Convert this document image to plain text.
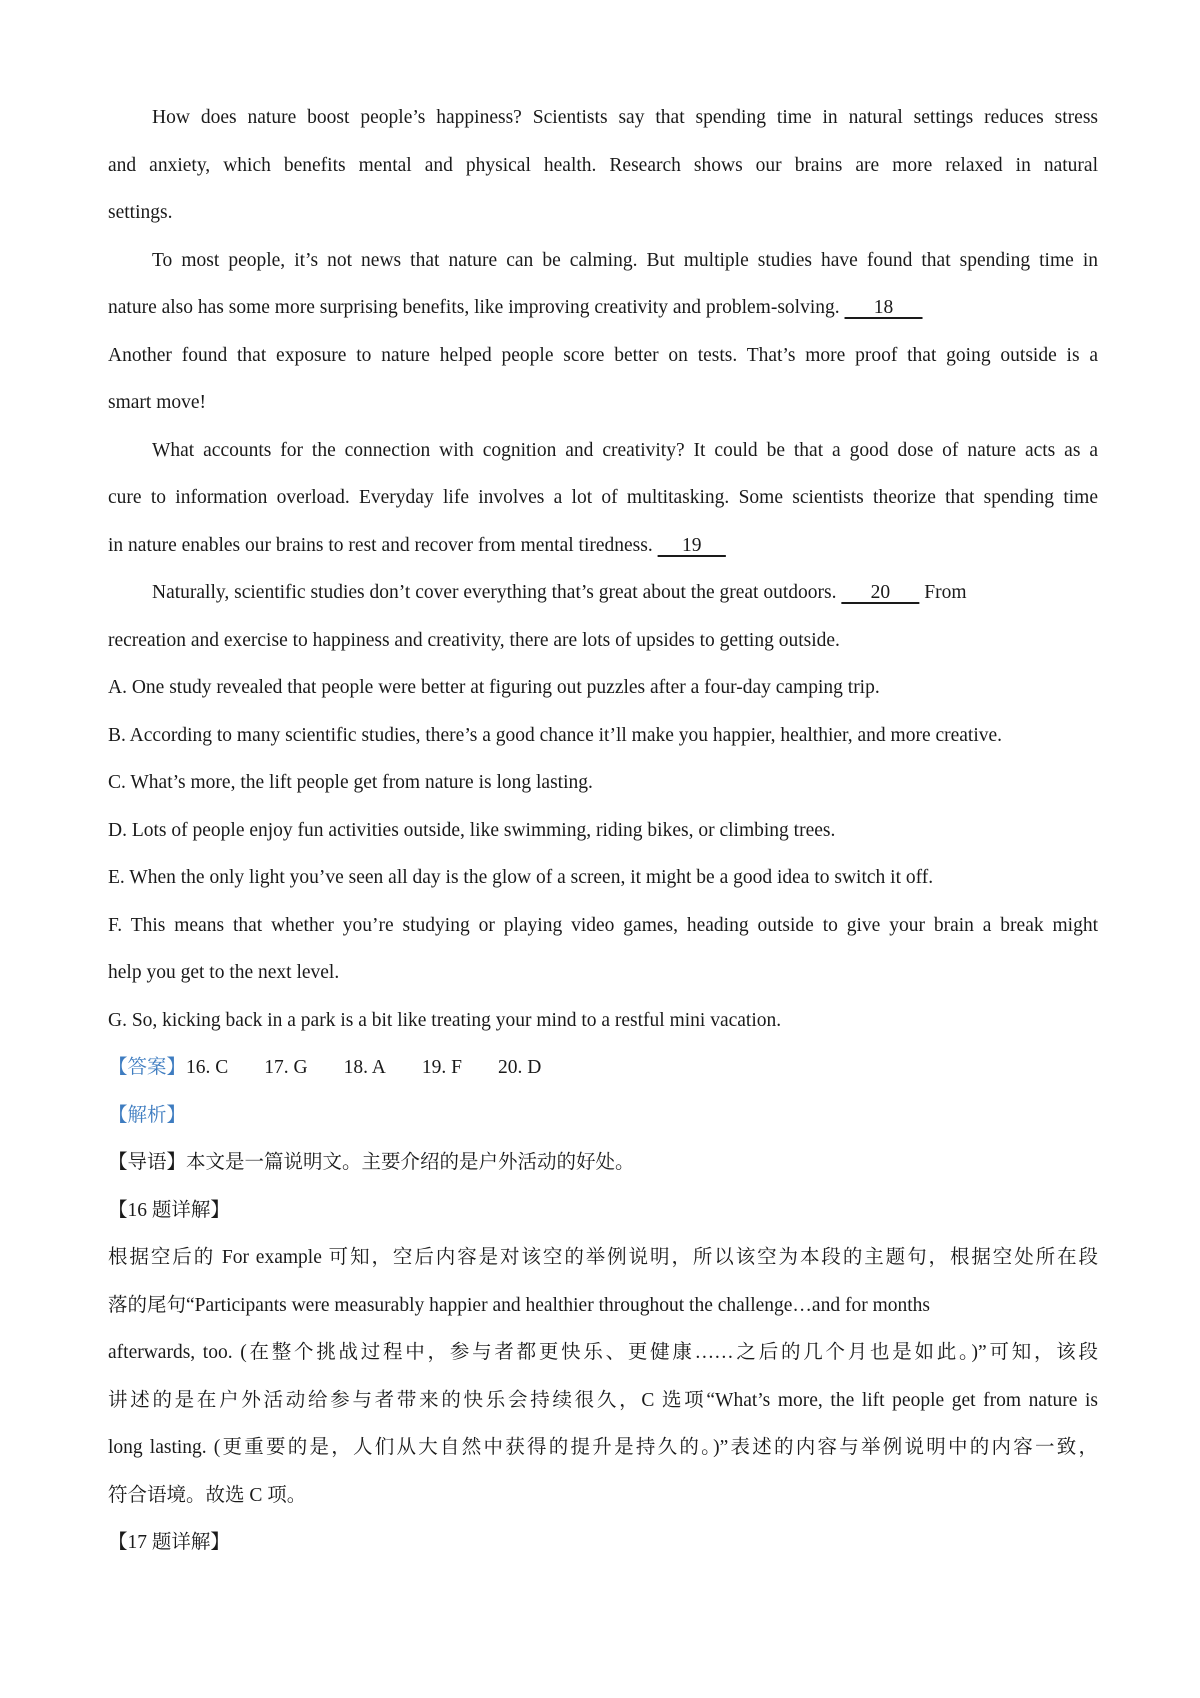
How does nature boost people’s happiness? Scientists say that spending time in natural settings reduces stress
and anxiety, which benefits mental and physical health. Research shows our brains are more relaxed in natural
settings.
To most people, it’s not news that nature can be calming. But multiple studies have found that spending time in
nature also has some more surprising benefits, like improving creativity and problem-solving.       18
Another found that exposure to nature helped people score better on tests. That’s more proof that going outside is a
smart move!
What accounts for the connection with cognition and creativity? It could be that a good dose of nature acts as a
cure to information overload. Everyday life involves a lot of multitasking. Some scientists theorize that spending time
in nature enables our brains to rest and recover from mental tiredness.      19
Naturally, scientific studies don’t cover everything that’s great about the great outdoors.       20       From
recreation and exercise to happiness and creativity, there are lots of upsides to getting outside.
A. One study revealed that people were better at figuring out puzzles after a four-day camping trip.
B. According to many scientific studies, there’s a good chance it’ll make you happier, healthier, and more creative.
C. What’s more, the lift people get from nature is long lasting.
D. Lots of people enjoy fun activities outside, like swimming, riding bikes, or climbing trees.
E. When the only light you’ve seen all day is the glow of a screen, it might be a good idea to switch it off.
F. This means that whether you’re studying or playing video games, heading outside to give your brain a break might
help you get to the next level.
G. So, kicking back in a park is a bit like treating your mind to a restful mini vacation.
【答案】16. C 17. G 18. A 19. F 20. D
【解析】
【导语】本文是一篇说明文。主要介绍的是户外活动的好处。
【16 题详解】
根据空后的 For example 可知，空后内容是对该空的举例说明，所以该空为本段的主题句，根据空处所在段
落的尾句“Participants were measurably happier and healthier throughout the challenge…and for months
afterwards, too. (在整个挑战过程中，参与者都更快乐、更健康……之后的几个月也是如此。)”可知，该段
讲述的是在户外活动给参与者带来的快乐会持续很久，C 选项“What’s more, the lift people get from nature is
long lasting. (更重要的是，人们从大自然中获得的提升是持久的。)”表述的内容与举例说明中的内容一致，
符合语境。故选 C 项。
【17 题详解】
